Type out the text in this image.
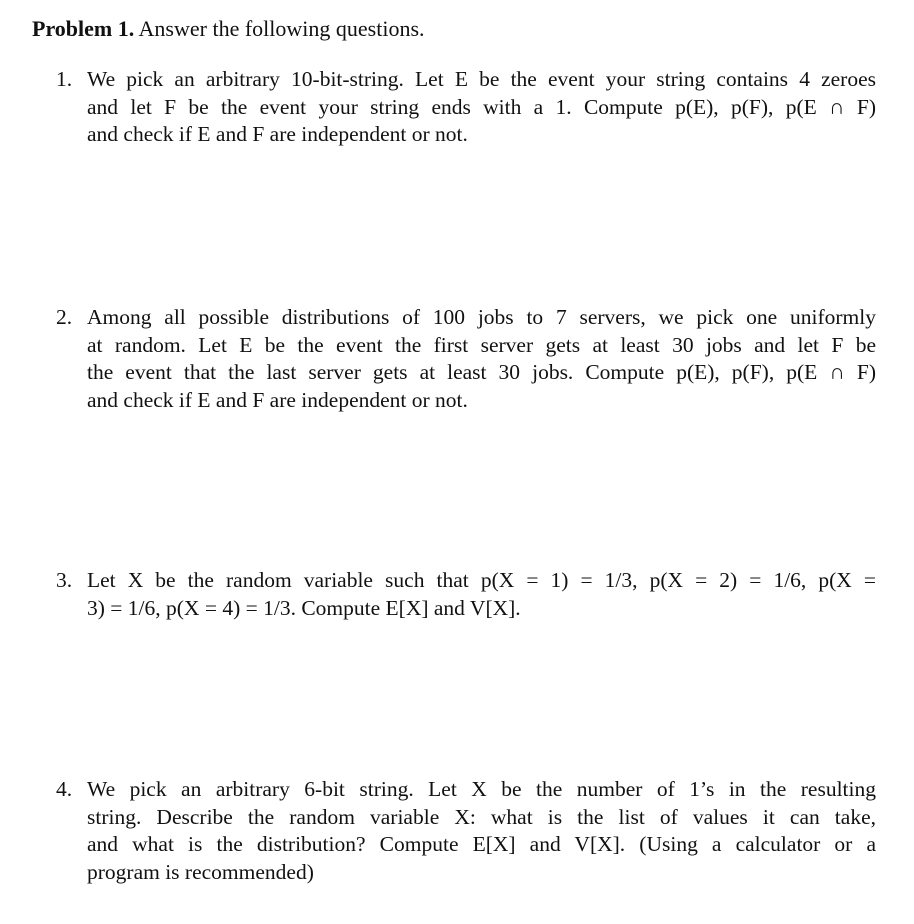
Problem 1. Answer the following questions.
1. We pick an arbitrary 10-bit-string. Let E be the event your string contains 4 zeroes
and let F be the event your string ends with a 1. Compute p(E), p(F), p(E ∩ F)
and check if E and F are independent or not.
2. Among all possible distributions of 100 jobs to 7 servers, we pick one uniformly
at random. Let E be the event the first server gets at least 30 jobs and let F be
the event that the last server gets at least 30 jobs. Compute p(E), p(F), p(E ∩ F)
and check if E and F are independent or not.
3. Let X be the random variable such that p(X = 1) = 1/3, p(X = 2) = 1/6, p(X =
3) = 1/6, p(X = 4) = 1/3. Compute E[X] and V[X].
4. We pick an arbitrary 6-bit string. Let X be the number of 1’s in the resulting
string. Describe the random variable X: what is the list of values it can take,
and what is the distribution? Compute E[X] and V[X]. (Using a calculator or a
program is recommended)
